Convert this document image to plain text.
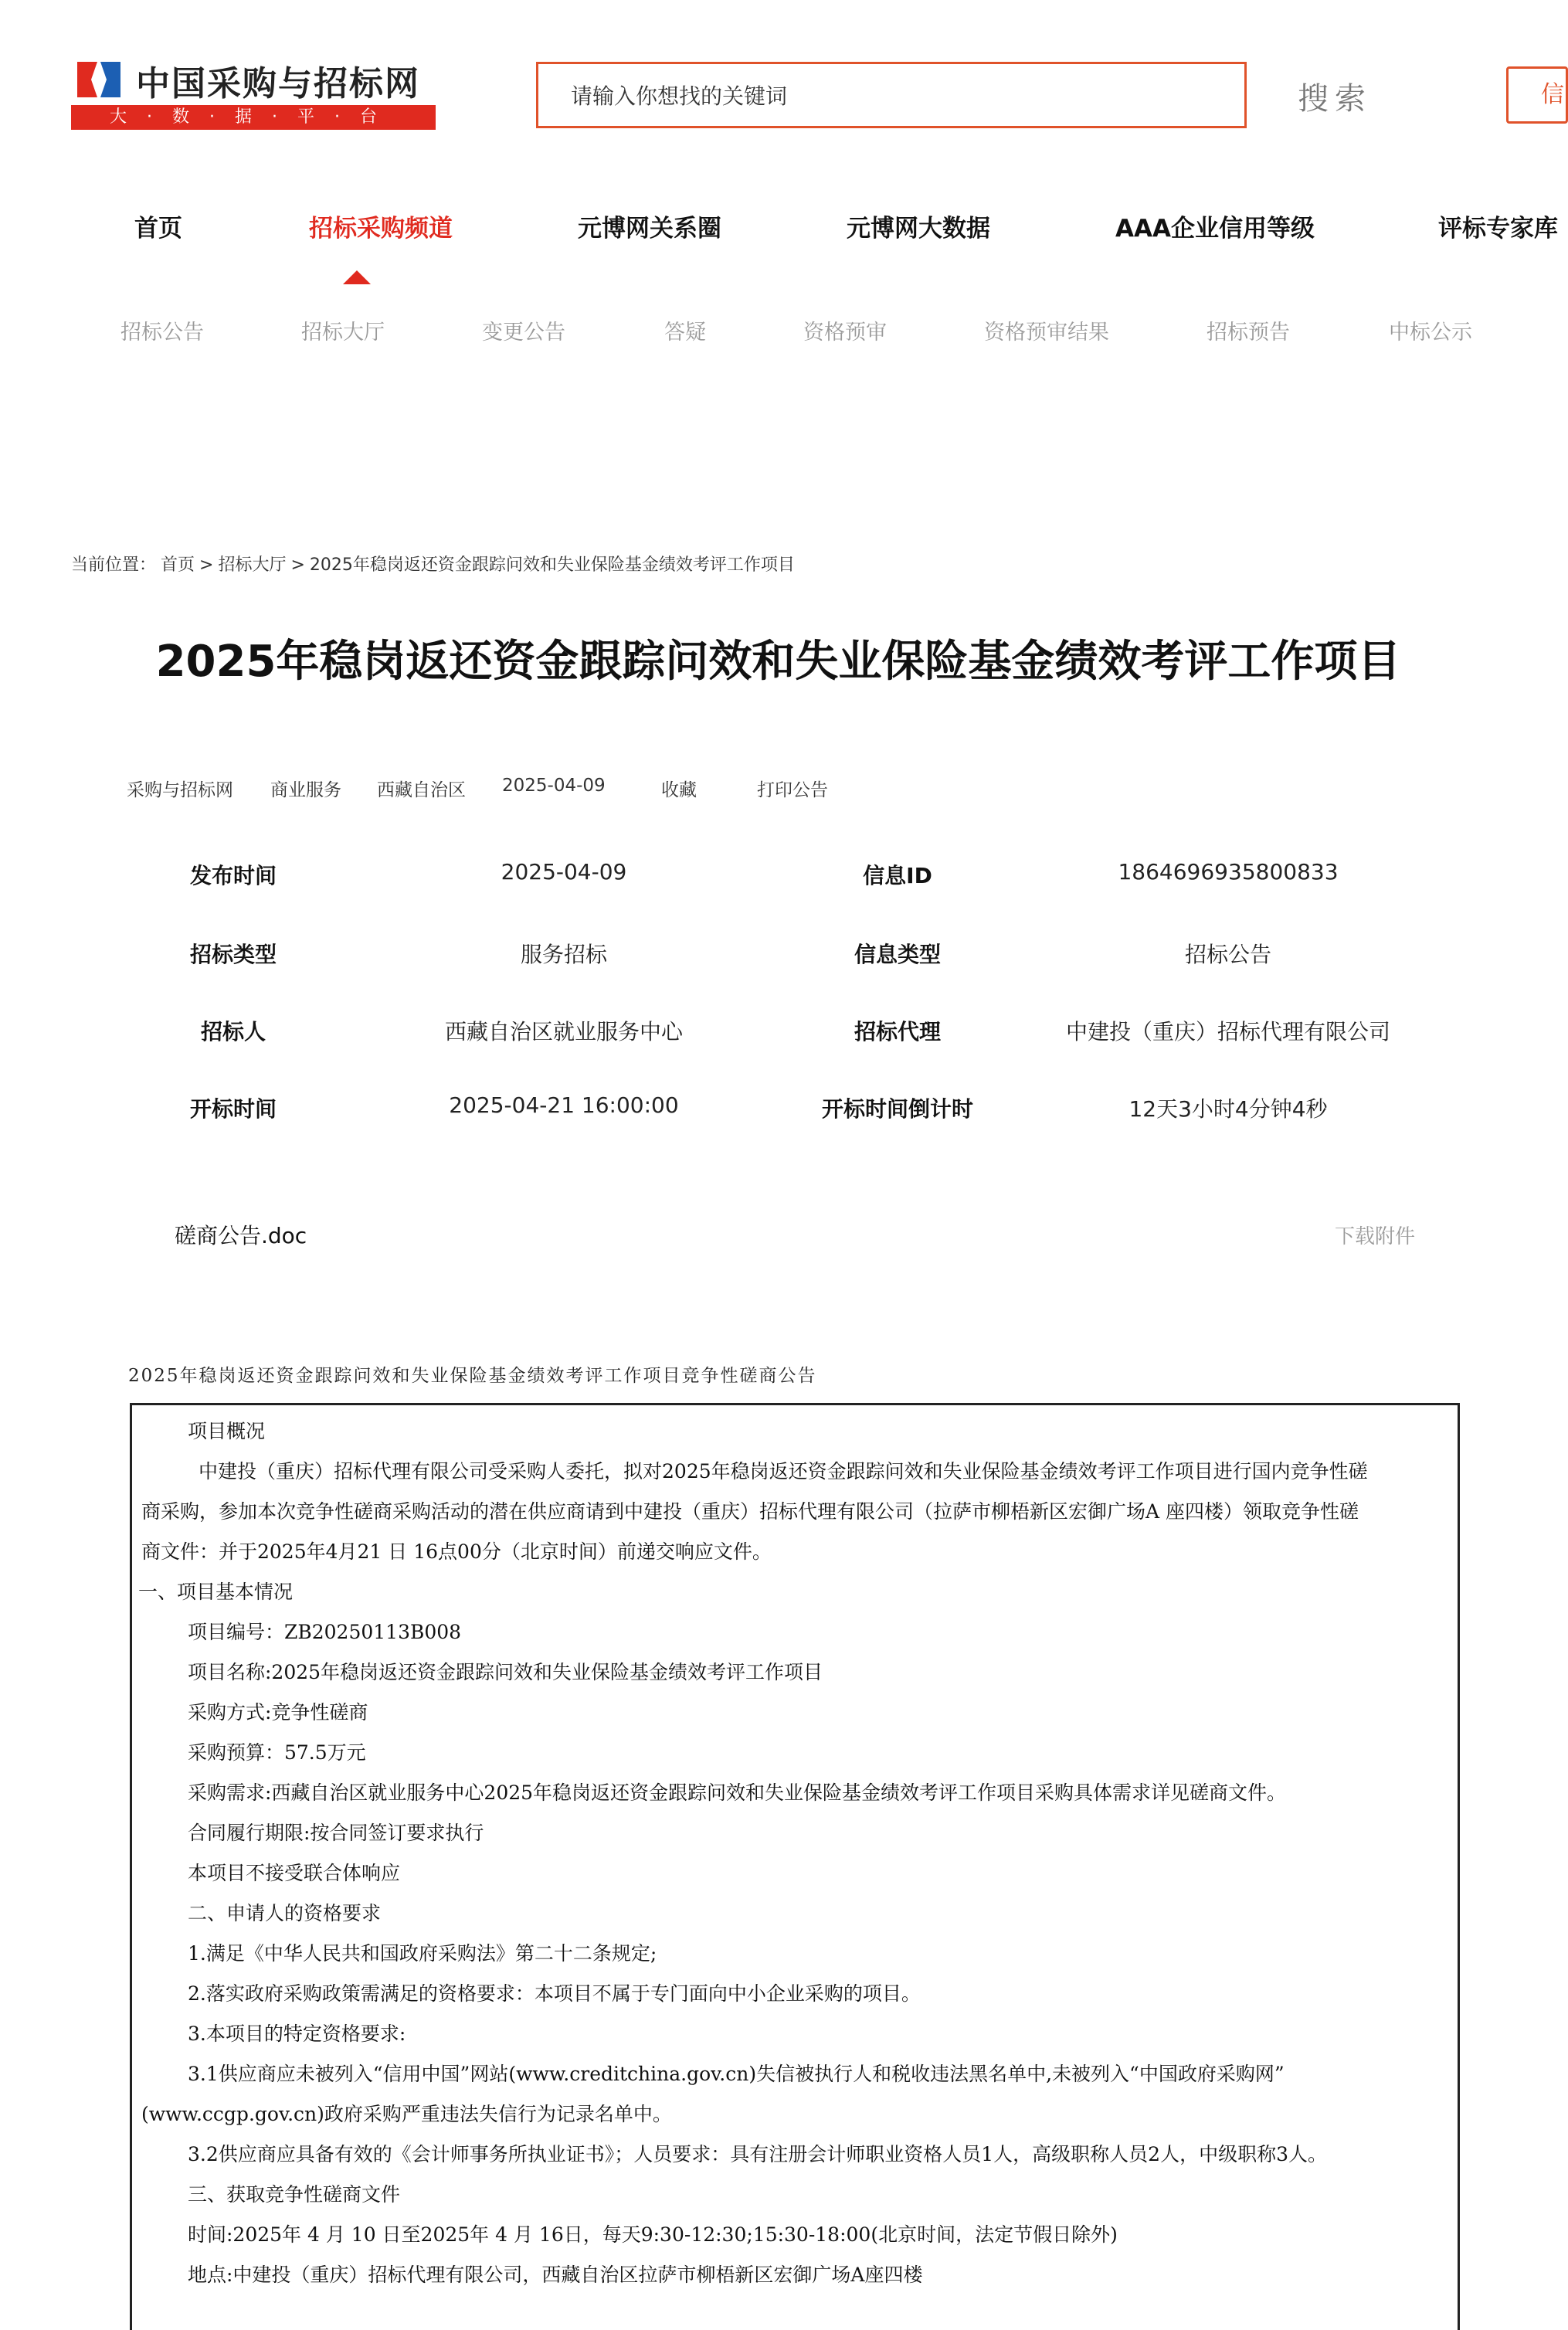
中国采购与招标网
大·数·据·平·台
请输入你想找的关键词
搜索	信
首页	招标采购频道	元博网关系圈	元博网大数据	AAA企业信用等级	评标专家库
招标公告	招标大厅	变更公告	答疑	资格预审	资格预审结果	招标预告	中标公示
当前位置： 首页 > 招标大厅 > 2025年稳岗返还资金跟踪问效和失业保险基金绩效考评工作项目
2025年稳岗返还资金跟踪问效和失业保险基金绩效考评工作项目
采购与招标网 商业服务 西藏自治区 2025-04-09	收藏	打印公告
发布时间	2025-04-09	信息ID	1864696935800833
招标类型	服务招标	信息类型	招标公告
招标人	西藏自治区就业服务中心	招标代理	中建投（重庆）招标代理有限公司
开标时间	2025-04-21 16:00:00	开标时间倒计时	12天3小时4分钟4秒
磋商公告.doc	下载附件
2025年稳岗返还资金跟踪问效和失业保险基金绩效考评工作项目竞争性磋商公告
项目概况
中建投（重庆）招标代理有限公司受采购人委托，拟对2025年稳岗返还资金跟踪问效和失业保险基金绩效考评工作项目进行国内竞争性磋
商采购，参加本次竞争性磋商采购活动的潜在供应商请到中建投（重庆）招标代理有限公司（拉萨市柳梧新区宏御广场A 座四楼）领取竞争性磋
商文件：并于2025年4月21 日 16点00分（北京时间）前递交响应文件。
一、项目基本情况
项目编号：ZB20250113B008
项目名称:2025年稳岗返还资金跟踪问效和失业保险基金绩效考评工作项目
采购方式:竞争性磋商
采购预算：57.5万元
采购需求:西藏自治区就业服务中心2025年稳岗返还资金跟踪问效和失业保险基金绩效考评工作项目采购具体需求详见磋商文件。
合同履行期限:按合同签订要求执行
本项目不接受联合体响应
二、申请人的资格要求
1.满足《中华人民共和国政府采购法》第二十二条规定;
2.落实政府采购政策需满足的资格要求：本项目不属于专门面向中小企业采购的项目。
3.本项目的特定资格要求:
3.1供应商应未被列入“信用中国”网站(www.creditchina.gov.cn)失信被执行人和税收违法黑名单中,未被列入“中国政府采购网”
(www.ccgp.gov.cn)政府采购严重违法失信行为记录名单中。
3.2供应商应具备有效的《会计师事务所执业证书》；人员要求：具有注册会计师职业资格人员1人，高级职称人员2人，中级职称3人。
三、获取竞争性磋商文件
时间:2025年 4 月 10 日至2025年 4 月 16日，每天9:30-12:30;15:30-18:00(北京时间，法定节假日除外)
地点:中建投（重庆）招标代理有限公司，西藏自治区拉萨市柳梧新区宏御广场A座四楼
